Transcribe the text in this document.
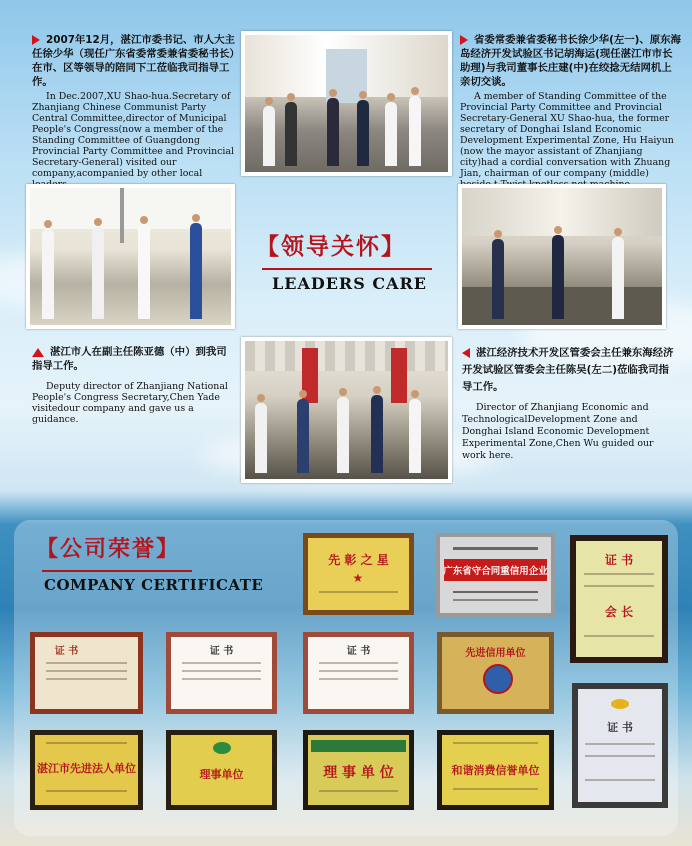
2007年12月，湛江市委书记、市人大主任徐少华（现任广东省委常委兼省委秘书长）在市、区等领导的陪同下工莅临我司指导工作。
In Dec.2007,XU Shao-hua.Secretary of Zhanjiang Chinese Communist Party Central Committee,director of Municipal People's Congress(now a member of the Standing Committee of Guangdong Provincial Party Committee and Provincial Secretary-General) visited our company,acompanied by other local
省委常委兼省委秘书长徐少华(左一)、原东海岛经济开发试验区书记胡海运(现任湛江市市长助理)与我司董事长庄建(中)在绞捻无结网机上亲切交谈。
A member of Standing Committee of the Provincial Party Committee and Provincial Secretary-General XU Shao-hua, the former secretary of Donghai Island Economic Development Experimental Zone, Hu Haiyun (now the mayor assistant of Zhanjiang city)had a cordial conversation with Zhuang Jian, chairman of our company (middle)
【领导关怀】
LEADERS CARE
湛江市人在副主任陈亚德（中）到我司指导工作。
Deputy director of Zhanjiang National People's Congress Secretary,Chen Yade visitedour company and gave us a guidance.
湛江经济技术开发区管委会主任兼东海经济开发试验区管委会主任陈吴(左二)莅临我司指导工作。
Director of Zhanjiang Economic and TechnologicalDevelopment Zone and Donghai Island Economic Development Experimental Zone,Chen Wu guided our work here.
【公司荣誉】
COMPANY CERTIFICATE
先 彰 之 星
★	广东省守合同重信用企业
证 书
会 长
证 书	证 书	证 书	先进信用单位
证 书
湛江市先进法人单位	理事单位	理 事 单 位	和谐消费信誉单位
